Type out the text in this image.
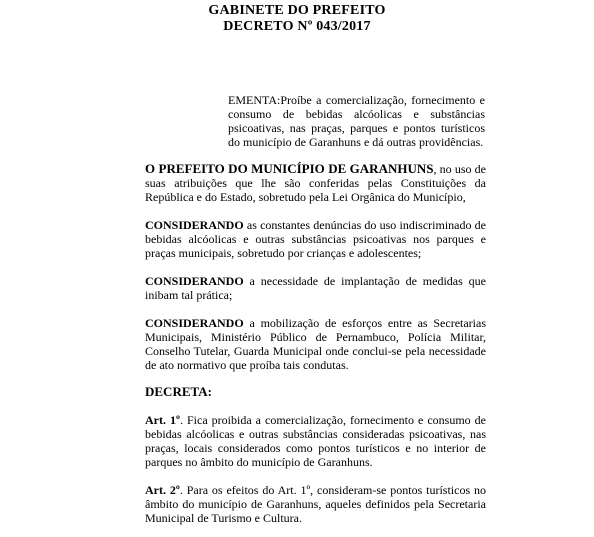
GABINETE DO PREFEITO
DECRETO Nº 043/2017
EMENTA:Proíbe a comercialização, fornecimento e consumo de bebidas alcóolicas e substâncias psicoativas, nas praças, parques e pontos turísticos do município de Garanhuns e dá outras providências.
O PREFEITO DO MUNICÍPIO DE GARANHUNS, no uso de suas atribuições que lhe são conferidas pelas Constituições da República e do Estado, sobretudo pela Lei Orgânica do Município,
CONSIDERANDO as constantes denúncias do uso indiscriminado de bebidas alcóolicas e outras substâncias psicoativas nos parques e praças municipais, sobretudo por crianças e adolescentes;
CONSIDERANDO a necessidade de implantação de medidas que inibam tal prática;
CONSIDERANDO a mobilização de esforços entre as Secretarias Municipais, Ministério Público de Pernambuco, Polícia Militar, Conselho Tutelar, Guarda Municipal onde conclui-se pela necessidade de ato normativo que proíba tais condutas.
DECRETA:
Art. 1º. Fica proibida a comercialização, fornecimento e consumo de bebidas alcóolicas e outras substâncias consideradas psicoativas, nas praças, locais considerados como pontos turísticos e no interior de parques no âmbito do município de Garanhuns.
Art. 2º. Para os efeitos do Art. 1º, consideram-se pontos turísticos no âmbito do município de Garanhuns, aqueles definidos pela Secretaria Municipal de Turismo e Cultura.
